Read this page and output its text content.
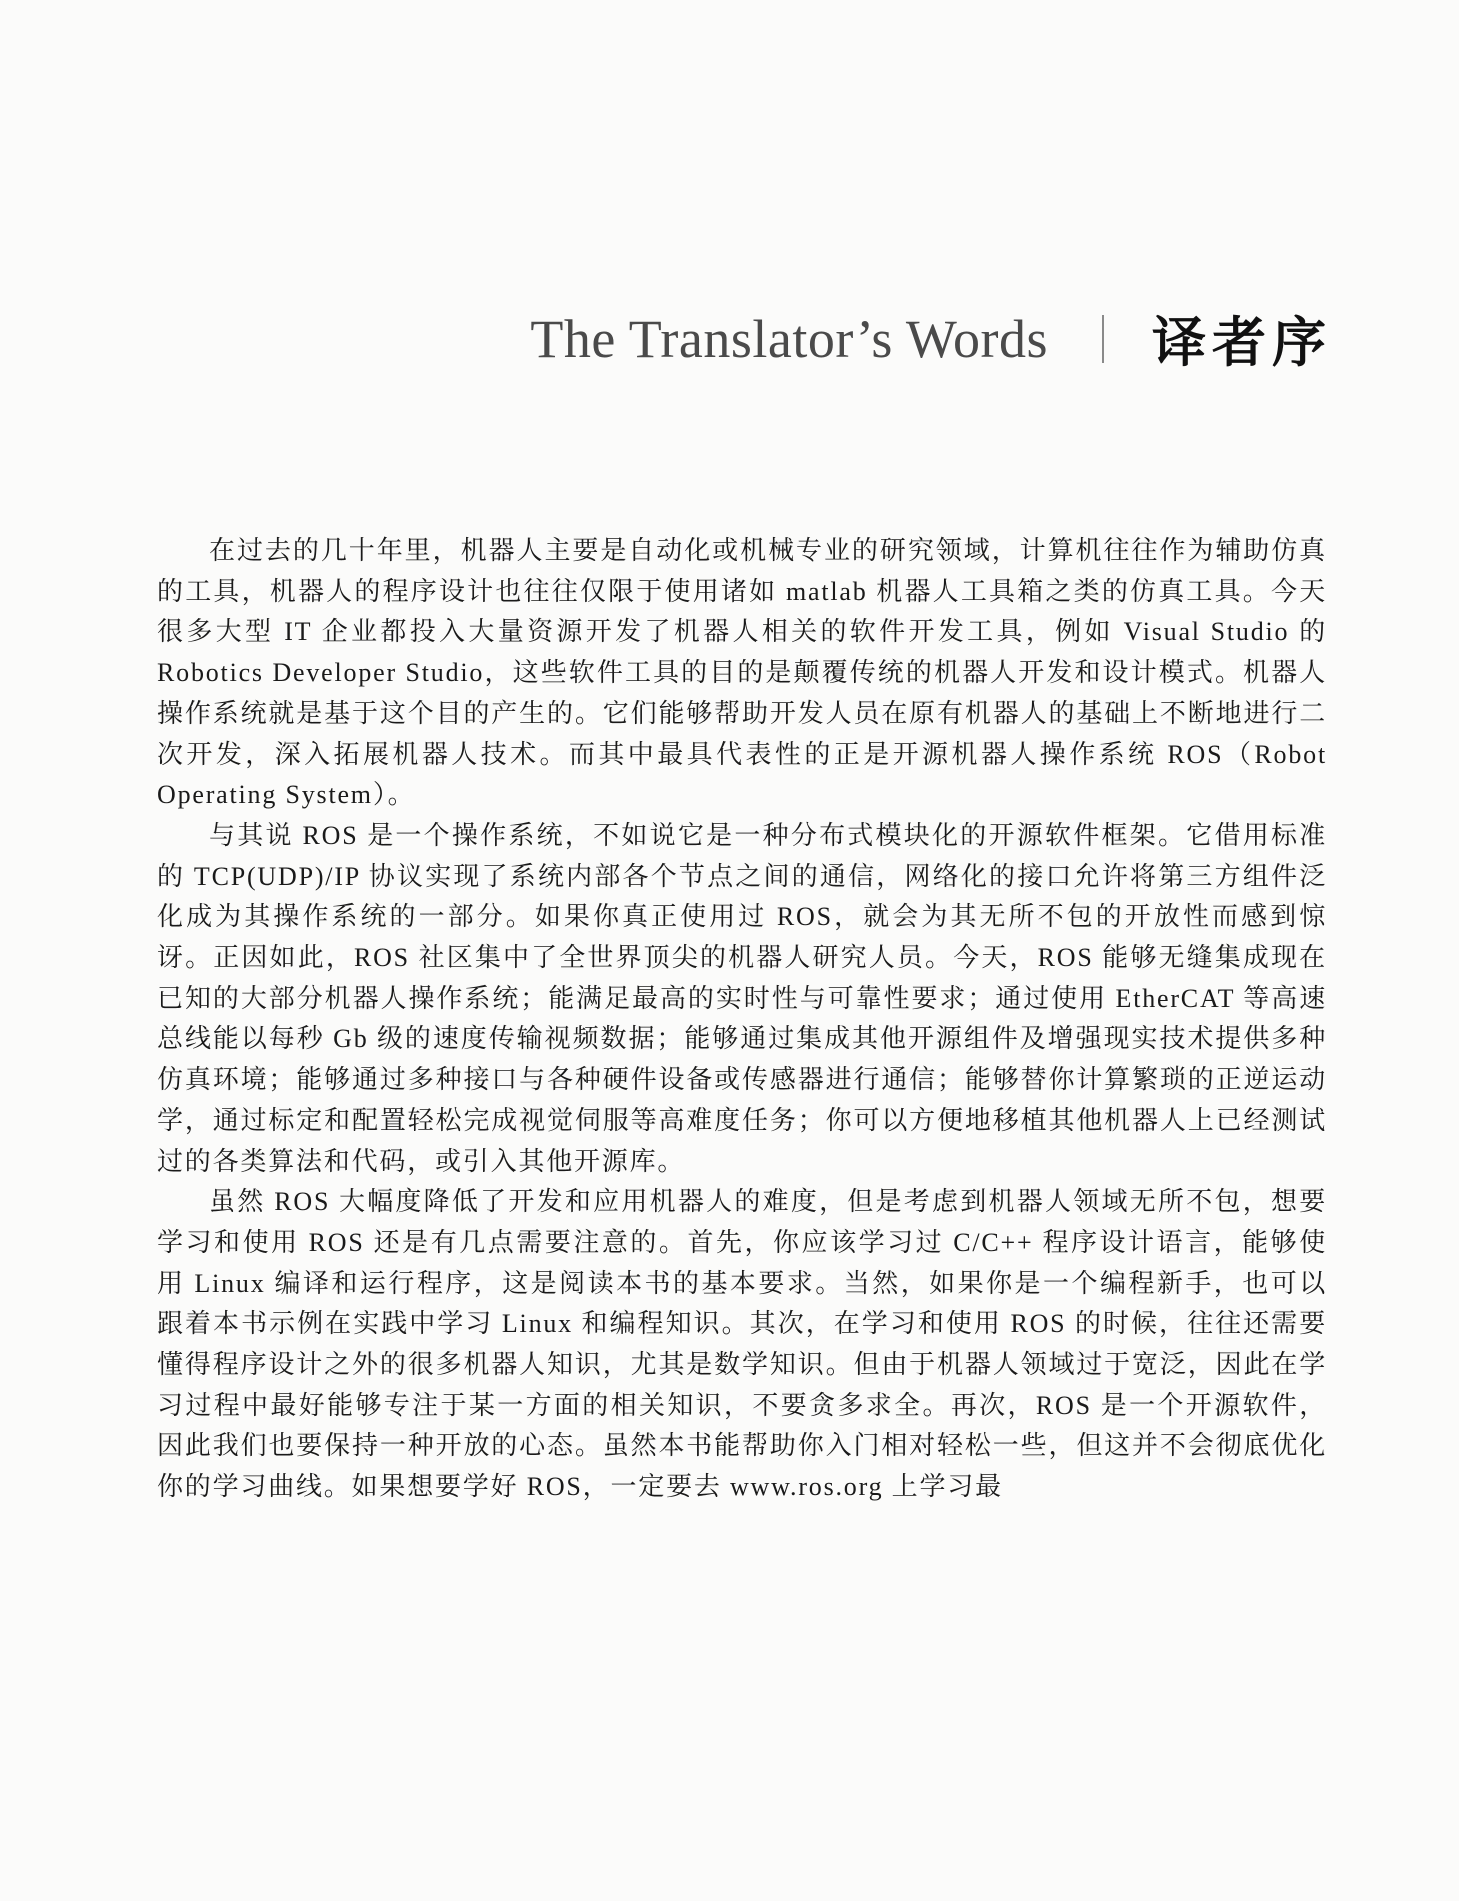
The Translator’s Words 译者序

在过去的几十年里，机器人主要是自动化或机械专业的研究领域，计算机往往作为辅助仿真的工具，机器人的程序设计也往往仅限于使用诸如 matlab 机器人工具箱之类的仿真工具。今天很多大型 IT 企业都投入大量资源开发了机器人相关的软件开发工具，例如 Visual Studio 的 Robotics Developer Studio，这些软件工具的目的是颠覆传统的机器人开发和设计模式。机器人操作系统就是基于这个目的产生的。它们能够帮助开发人员在原有机器人的基础上不断地进行二次开发，深入拓展机器人技术。而其中最具代表性的正是开源机器人操作系统 ROS（Robot Operating System）。

与其说 ROS 是一个操作系统，不如说它是一种分布式模块化的开源软件框架。它借用标准的 TCP(UDP)/IP 协议实现了系统内部各个节点之间的通信，网络化的接口允许将第三方组件泛化成为其操作系统的一部分。如果你真正使用过 ROS，就会为其无所不包的开放性而感到惊讶。正因如此，ROS 社区集中了全世界顶尖的机器人研究人员。今天，ROS 能够无缝集成现在已知的大部分机器人操作系统；能满足最高的实时性与可靠性要求；通过使用 EtherCAT 等高速总线能以每秒 Gb 级的速度传输视频数据；能够通过集成其他开源组件及增强现实技术提供多种仿真环境；能够通过多种接口与各种硬件设备或传感器进行通信；能够替你计算繁琐的正逆运动学，通过标定和配置轻松完成视觉伺服等高难度任务；你可以方便地移植其他机器人上已经测试过的各类算法和代码，或引入其他开源库。

虽然 ROS 大幅度降低了开发和应用机器人的难度，但是考虑到机器人领域无所不包，想要学习和使用 ROS 还是有几点需要注意的。首先，你应该学习过 C/C++ 程序设计语言，能够使用 Linux 编译和运行程序，这是阅读本书的基本要求。当然，如果你是一个编程新手，也可以跟着本书示例在实践中学习 Linux 和编程知识。其次，在学习和使用 ROS 的时候，往往还需要懂得程序设计之外的很多机器人知识，尤其是数学知识。但由于机器人领域过于宽泛，因此在学习过程中最好能够专注于某一方面的相关知识，不要贪多求全。再次，ROS 是一个开源软件，因此我们也要保持一种开放的心态。虽然本书能帮助你入门相对轻松一些，但这并不会彻底优化你的学习曲线。如果想要学好 ROS，一定要去 www.ros.org 上学习最
